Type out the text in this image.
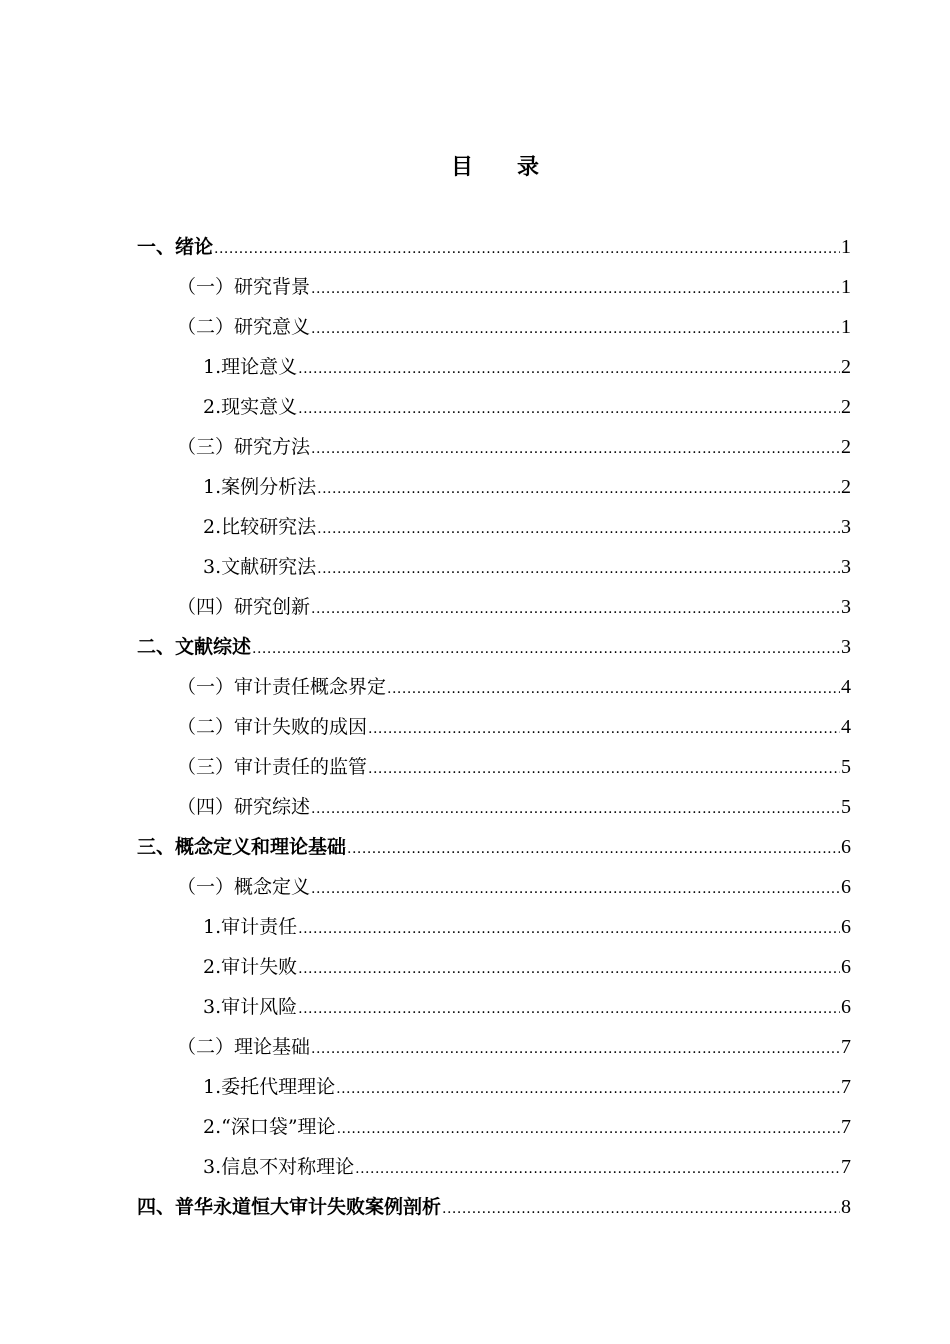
目　　录
一、绪论 .....	1
（一）研究背景 .....	1
（二）研究意义 .....	1
1.理论意义 .....	2
2.现实意义 .....	2
（三）研究方法 .....	2
1.案例分析法 .....	2
2.比较研究法 .....	3
3.文献研究法 .....	3
（四）研究创新 .....	3
二、文献综述 .....	3
（一）审计责任概念界定 .....	4
（二）审计失败的成因 .....	4
（三）审计责任的监管 .....	5
（四）研究综述 .....	5
三、概念定义和理论基础 .....	6
（一）概念定义 .....	6
1.审计责任 .....	6
2.审计失败 .....	6
3.审计风险 .....	6
（二）理论基础 .....	7
1.委托代理理论 .....	7
2.“深口袋”理论 .....	7
3.信息不对称理论 .....	7
四、普华永道恒大审计失败案例剖析 .....	8
